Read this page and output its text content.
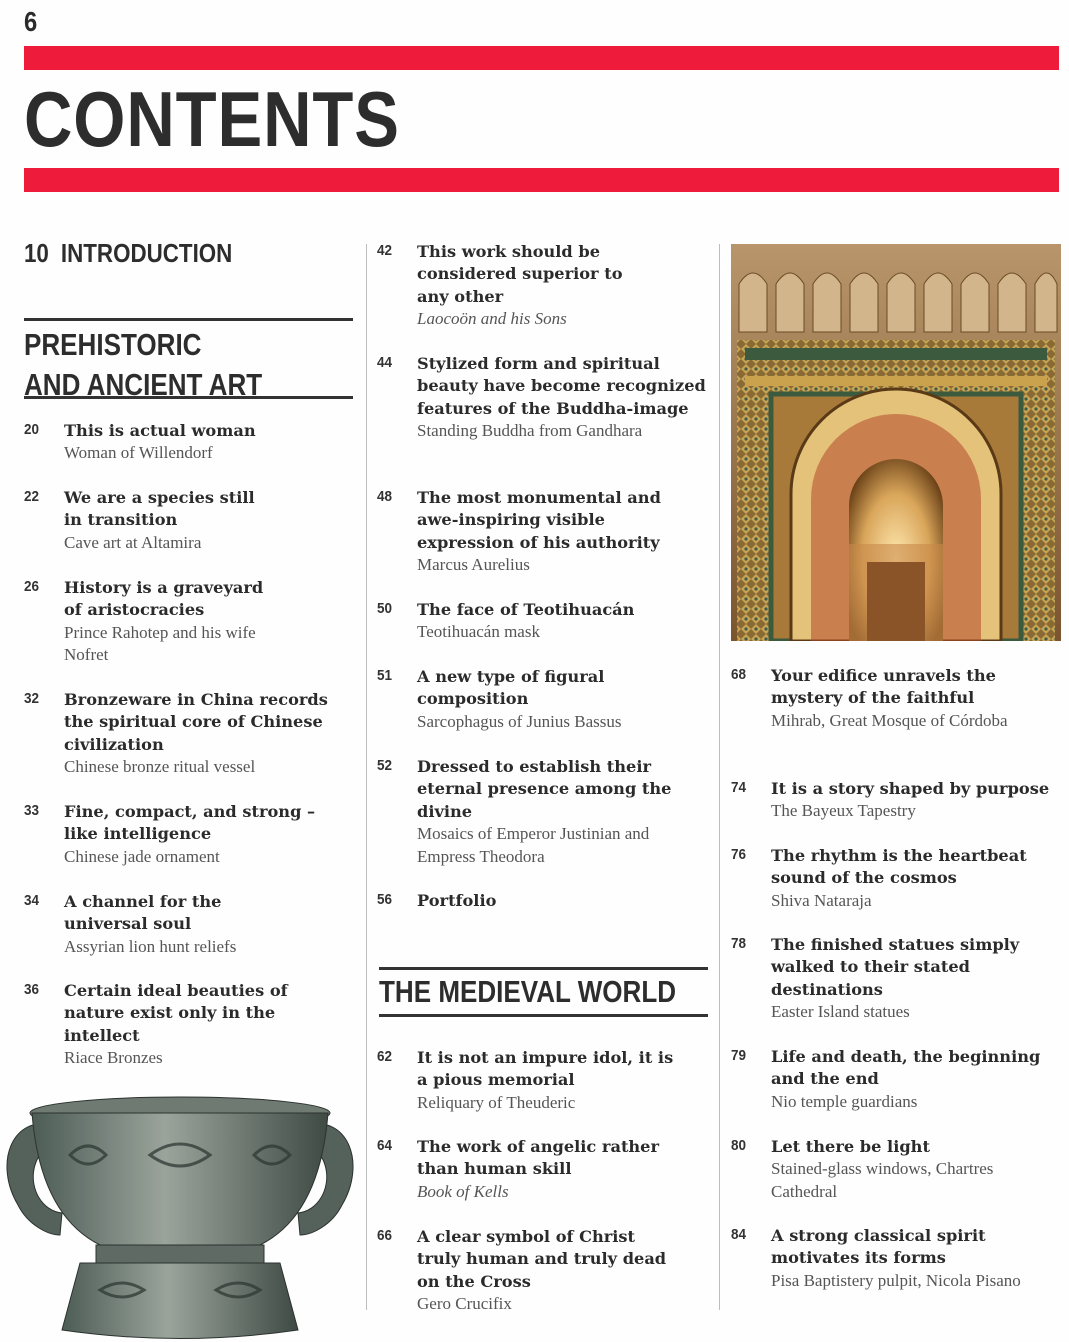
6
CONTENTS
10 INTRODUCTION
PREHISTORIC
AND ANCIENT ART
THE MEDIEVAL WORLD
20 This is actual woman
Woman of Willendorf
22 We are a species still in transition
Cave art at Altamira
26 History is a graveyard of aristocracies
Prince Rahotep and his wife Nofret
32 Bronzeware in China records the spiritual core of Chinese civilization
Chinese bronze ritual vessel
33 Fine, compact, and strong – like intelligence
Chinese jade ornament
34 A channel for the universal soul
Assyrian lion hunt reliefs
36 Certain ideal beauties of nature exist only in the intellect
Riace Bronzes
42 This work should be considered superior to any other
Laocoön and his Sons
44 Stylized form and spiritual beauty have become recognized features of the Buddha-image
Standing Buddha from Gandhara
48 The most monumental and awe-inspiring visible expression of his authority
Marcus Aurelius
50 The face of Teotihuacán
Teotihuacán mask
51 A new type of figural composition
Sarcophagus of Junius Bassus
52 Dressed to establish their eternal presence among the divine
Mosaics of Emperor Justinian and Empress Theodora
56 Portfolio
62 It is not an impure idol, it is a pious memorial
Reliquary of Theuderic
64 The work of angelic rather than human skill
Book of Kells
66 A clear symbol of Christ truly human and truly dead on the Cross
Gero Crucifix
68 Your edifice unravels the mystery of the faithful
Mihrab, Great Mosque of Córdoba
74 It is a story shaped by purpose
The Bayeux Tapestry
76 The rhythm is the heartbeat sound of the cosmos
Shiva Nataraja
78 The finished statues simply walked to their stated destinations
Easter Island statues
79 Life and death, the beginning and the end
Nio temple guardians
80 Let there be light
Stained-glass windows, Chartres Cathedral
84 A strong classical spirit motivates its forms
Pisa Baptistery pulpit, Nicola Pisano
